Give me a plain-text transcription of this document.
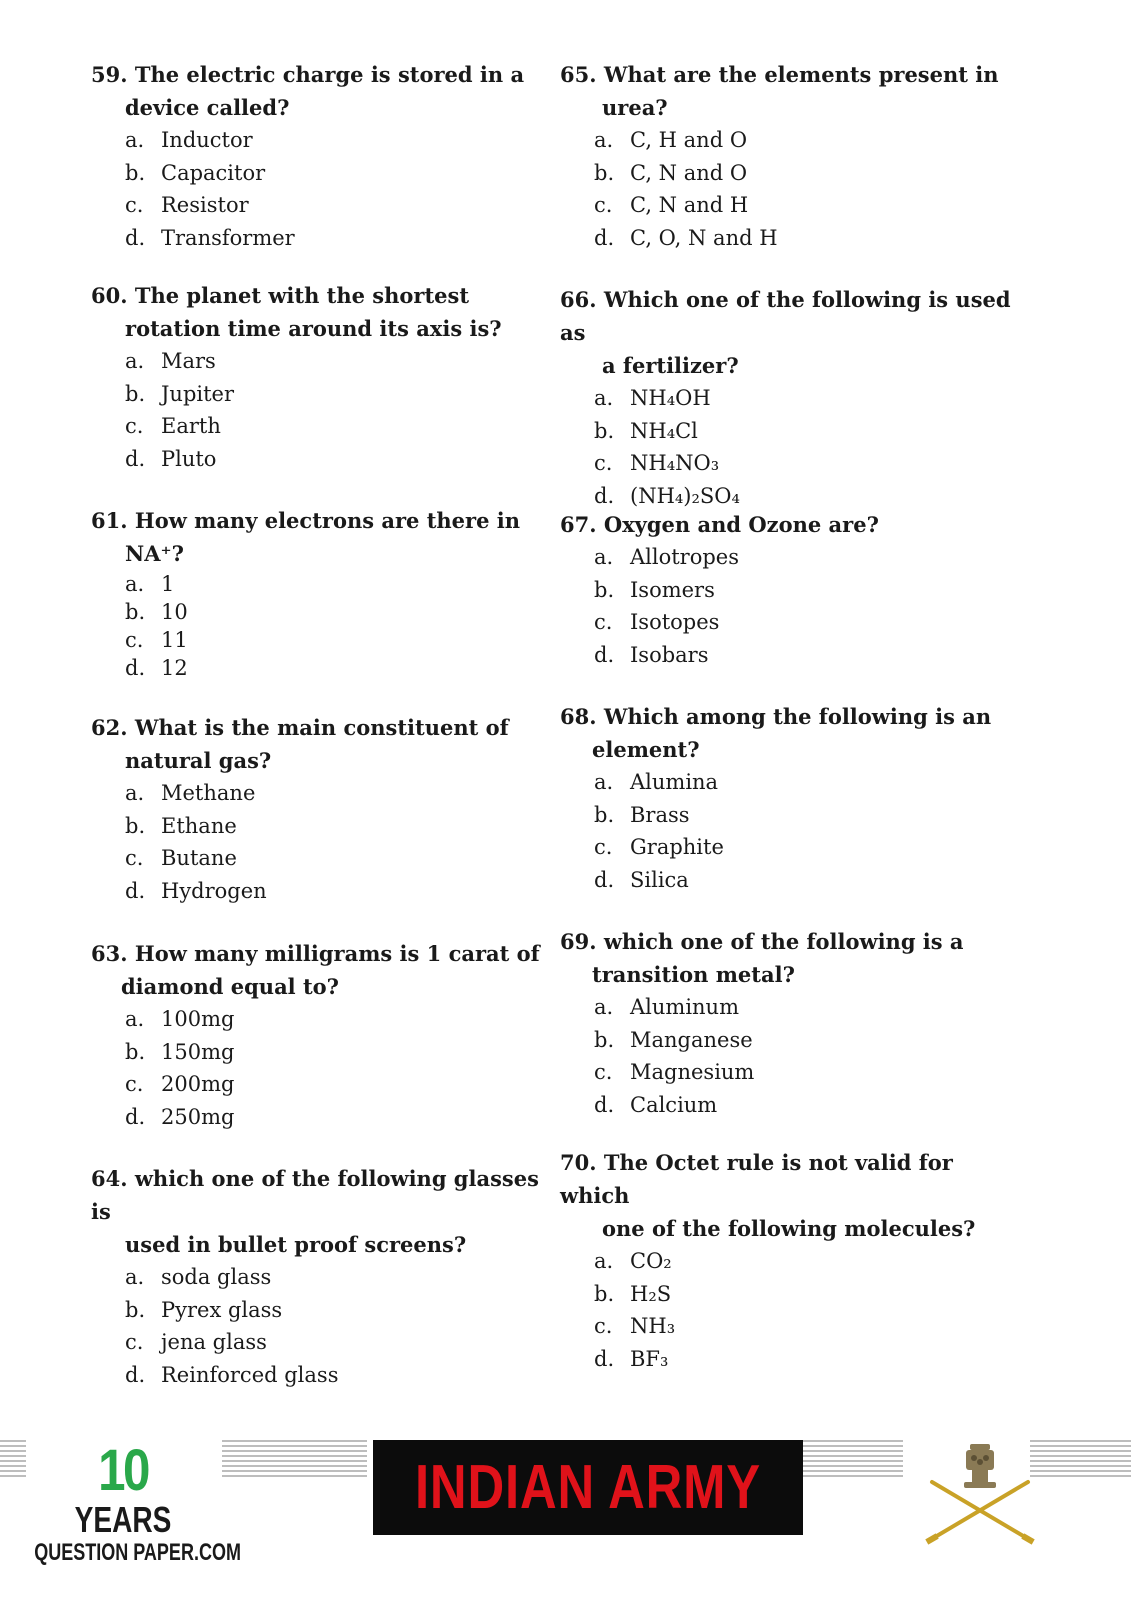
59. The electric charge is stored in a
device called?

a. Inductor
b. Capacitor
c. Resistor
d. Transformer

60. The planet with the shortest
rotation time around its axis is?

a. Mars
b. Jupiter
c. Earth
d. Pluto

61. How many electrons are there in
NA⁺?

a. 1
b. 10
c. 11
d. 12

62. What is the main constituent of
natural gas?

a. Methane
b. Ethane
c. Butane
d. Hydrogen

63. How many milligrams is 1 carat of
diamond equal to?

a. 100mg
b. 150mg
c. 200mg
d. 250mg

64. which one of the following glasses is
used in bullet proof screens?

a. soda glass
b. Pyrex glass
c. jena glass
d. Reinforced glass

65. What are the elements present in
urea?

a. C, H and O
b. C, N and O
c. C, N and H
d. C, O, N and H

66. Which one of the following is used as
a fertilizer?

a. NH₄OH
b. NH₄Cl
c. NH₄NO₃
d. (NH₄)₂SO₄

67. Oxygen and Ozone are?

a. Allotropes
b. Isomers
c. Isotopes
d. Isobars

68. Which among the following is an
element?

a. Alumina
b. Brass
c. Graphite
d. Silica

69. which one of the following is a
transition metal?

a. Aluminum
b. Manganese
c. Magnesium
d. Calcium

70. The Octet rule is not valid for which
one of the following molecules?

a. CO₂
b. H₂S
c. NH₃
d. BF₃
10
YEARS
QUESTION PAPER.COM
INDIAN ARMY
